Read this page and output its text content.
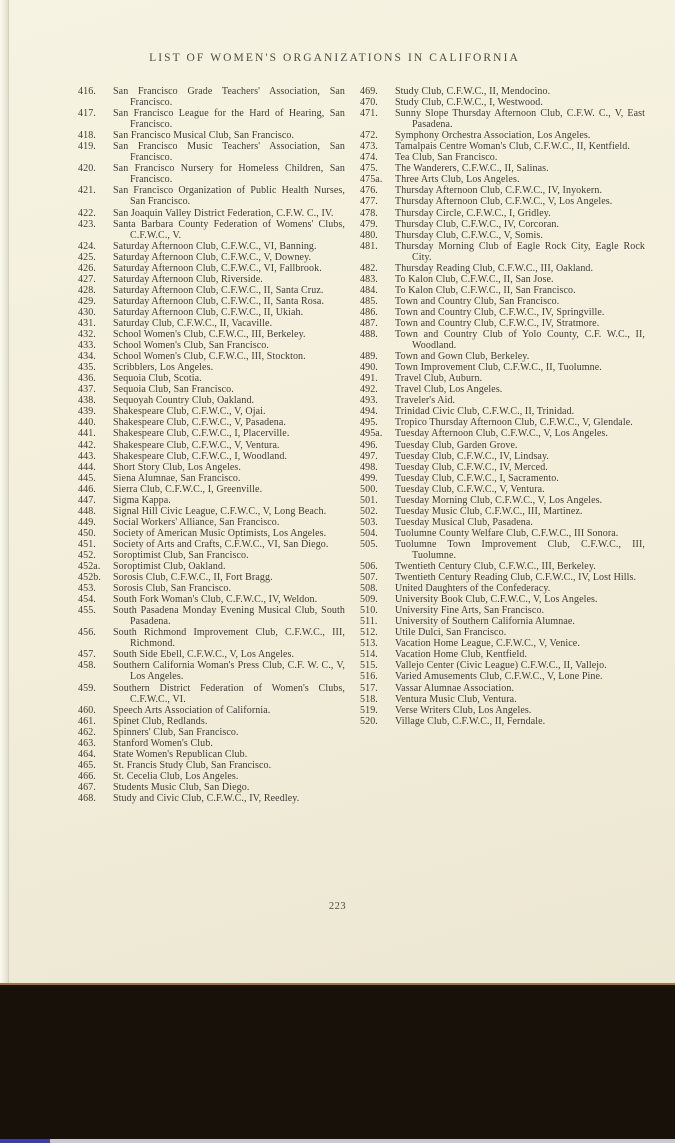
LIST OF WOMEN'S ORGANIZATIONS IN CALIFORNIA
416. San Francisco Grade Teachers' Association, San Francisco.
417. San Francisco League for the Hard of Hearing, San Francisco.
418. San Francisco Musical Club, San Francisco.
419. San Francisco Music Teachers' Association, San Francisco.
420. San Francisco Nursery for Homeless Children, San Francisco.
421. San Francisco Organization of Public Health Nurses, San Francisco.
422. San Joaquin Valley District Federation, C.F.W. C., IV.
423. Santa Barbara County Federation of Womens' Clubs, C.F.W.C., V.
424. Saturday Afternoon Club, C.F.W.C., VI, Banning.
425. Saturday Afternoon Club, C.F.W.C., V, Downey.
426. Saturday Afternoon Club, C.F.W.C., VI, Fallbrook.
427. Saturday Afternoon Club, Riverside.
428. Saturday Afternoon Club, C.F.W.C., II, Santa Cruz.
429. Saturday Afternoon Club, C.F.W.C., II, Santa Rosa.
430. Saturday Afternoon Club, C.F.W.C., II, Ukiah.
431. Saturday Club, C.F.W.C., II, Vacaville.
432. School Women's Club, C.F.W.C., III, Berkeley.
433. School Women's Club, San Francisco.
434. School Women's Club, C.F.W.C., III, Stockton.
435. Scribblers, Los Angeles.
436. Sequoia Club, Scotia.
437. Sequoia Club, San Francisco.
438. Sequoyah Country Club, Oakland.
439. Shakespeare Club, C.F.W.C., V, Ojai.
440. Shakespeare Club, C.F.W.C., V, Pasadena.
441. Shakespeare Club, C.F.W.C., I, Placerville.
442. Shakespeare Club, C.F.W.C., V, Ventura.
443. Shakespeare Club, C.F.W.C., I, Woodland.
444. Short Story Club, Los Angeles.
445. Siena Alumnae, San Francisco.
446. Sierra Club, C.F.W.C., I, Greenville.
447. Sigma Kappa.
448. Signal Hill Civic League, C.F.W.C., V, Long Beach.
449. Social Workers' Alliance, San Francisco.
450. Society of American Music Optimists, Los Angeles.
451. Society of Arts and Crafts, C.F.W.C., VI, San Diego.
452. Soroptimist Club, San Francisco.
452a. Soroptimist Club, Oakland.
452b. Sorosis Club, C.F.W.C., II, Fort Bragg.
453. Sorosis Club, San Francisco.
454. South Fork Woman's Club, C.F.W.C., IV, Weldon.
455. South Pasadena Monday Evening Musical Club, South Pasadena.
456. South Richmond Improvement Club, C.F.W.C., III, Richmond.
457. South Side Ebell, C.F.W.C., V, Los Angeles.
458. Southern California Woman's Press Club, C.F. W. C., V, Los Angeles.
459. Southern District Federation of Women's Clubs, C.F.W.C., VI.
460. Speech Arts Association of California.
461. Spinet Club, Redlands.
462. Spinners' Club, San Francisco.
463. Stanford Women's Club.
464. State Women's Republican Club.
465. St. Francis Study Club, San Francisco.
466. St. Cecelia Club, Los Angeles.
467. Students Music Club, San Diego.
468. Study and Civic Club, C.F.W.C., IV, Reedley.
469. Study Club, C.F.W.C., II, Mendocino.
470. Study Club, C.F.W.C., I, Westwood.
471. Sunny Slope Thursday Afternoon Club, C.F.W. C., V, East Pasadena.
472. Symphony Orchestra Association, Los Angeles.
473. Tamalpais Centre Woman's Club, C.F.W.C., II, Kentfield.
474. Tea Club, San Francisco.
475. The Wanderers, C.F.W.C., II, Salinas.
475a. Three Arts Club, Los Angeles.
476. Thursday Afternoon Club, C.F.W.C., IV, Inyokern.
477. Thursday Afternoon Club, C.F.W.C., V, Los Angeles.
478. Thursday Circle, C.F.W.C., I, Gridley.
479. Thursday Club, C.F.W.C., IV, Corcoran.
480. Thursday Club, C.F.W.C., V, Somis.
481. Thursday Morning Club of Eagle Rock City, Eagle Rock City.
482. Thursday Reading Club, C.F.W.C., III, Oakland.
483. To Kalon Club, C.F.W.C., II, San Jose.
484. To Kalon Club, C.F.W.C., II, San Francisco.
485. Town and Country Club, San Francisco.
486. Town and Country Club, C.F.W.C., IV, Springville.
487. Town and Country Club, C.F.W.C., IV, Stratmore.
488. Town and Country Club of Yolo County, C.F. W.C., II, Woodland.
489. Town and Gown Club, Berkeley.
490. Town Improvement Club, C.F.W.C., II, Tuolumne.
491. Travel Club, Auburn.
492. Travel Club, Los Angeles.
493. Traveler's Aid.
494. Trinidad Civic Club, C.F.W.C., II, Trinidad.
495. Tropico Thursday Afternoon Club, C.F.W.C., V, Glendale.
495a. Tuesday Afternoon Club, C.F.W.C., V, Los Angeles.
496. Tuesday Club, Garden Grove.
497. Tuesday Club, C.F.W.C., IV, Lindsay.
498. Tuesday Club, C.F.W.C., IV, Merced.
499. Tuesday Club, C.F.W.C., I, Sacramento.
500. Tuesday Club, C.F.W.C., V, Ventura.
501. Tuesday Morning Club, C.F.W.C., V, Los Angeles.
502. Tuesday Music Club, C.F.W.C., III, Martinez.
503. Tuesday Musical Club, Pasadena.
504. Tuolumne County Welfare Club, C.F.W.C., III Sonora.
505. Tuolumne Town Improvement Club, C.F.W.C., III, Tuolumne.
506. Twentieth Century Club, C.F.W.C., III, Berkeley.
507. Twentieth Century Reading Club, C.F.W.C., IV, Lost Hills.
508. United Daughters of the Confederacy.
509. University Book Club, C.F.W.C., V, Los Angeles.
510. University Fine Arts, San Francisco.
511. University of Southern California Alumnae.
512. Utile Dulci, San Francisco.
513. Vacation Home League, C.F.W.C., V, Venice.
514. Vacation Home Club, Kentfield.
515. Vallejo Center (Civic League) C.F.W.C., II, Vallejo.
516. Varied Amusements Club, C.F.W.C., V, Lone Pine.
517. Vassar Alumnae Association.
518. Ventura Music Club, Ventura.
519. Verse Writers Club, Los Angeles.
520. Village Club, C.F.W.C., II, Ferndale.
223
